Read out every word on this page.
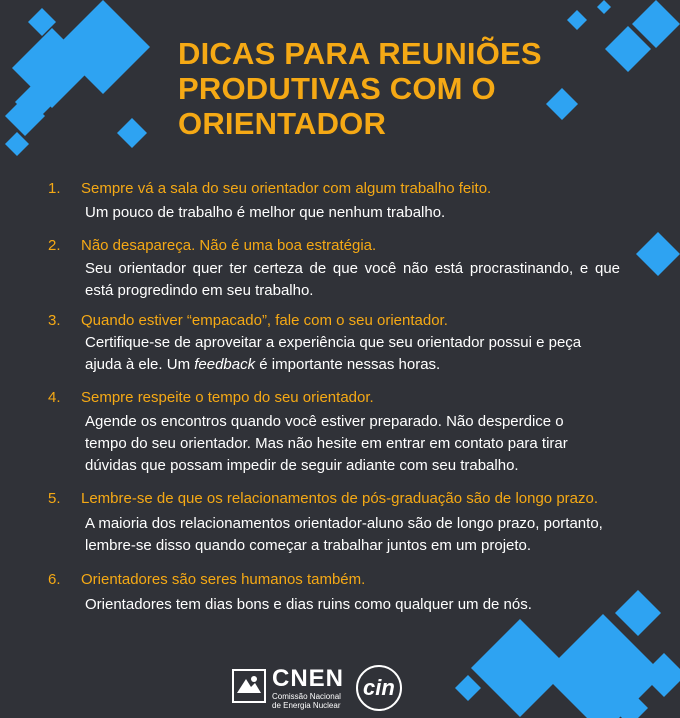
DICAS PARA REUNIÕES
PRODUTIVAS COM O
ORIENTADOR
1. Sempre vá a sala do seu orientador com algum trabalho feito.
Um pouco de trabalho é melhor que nenhum trabalho.
2. Não desapareça. Não é uma boa estratégia.
Seu orientador quer ter certeza de que você não está procrastinando, e que
está progredindo em seu trabalho.
3. Quando estiver “empacado”, fale com o seu orientador.
Certifique-se de aproveitar a experiência que seu orientador possui e peça
ajuda à ele. Um feedback é importante nessas horas.
4. Sempre respeite o tempo do seu orientador.
Agende os encontros quando você estiver preparado. Não desperdice o
tempo do seu orientador. Mas não hesite em entrar em contato para tirar
dúvidas que possam impedir de seguir adiante com seu trabalho.
5. Lembre-se de que os relacionamentos de pós-graduação são de longo prazo.
A maioria dos relacionamentos orientador-aluno são de longo prazo, portanto,
lembre-se disso quando começar a trabalhar juntos em um projeto.
6. Orientadores são seres humanos também.
Orientadores tem dias bons e dias ruins como qualquer um de nós.
CNEN
Comissão Nacional
de Energia Nuclear
cin
